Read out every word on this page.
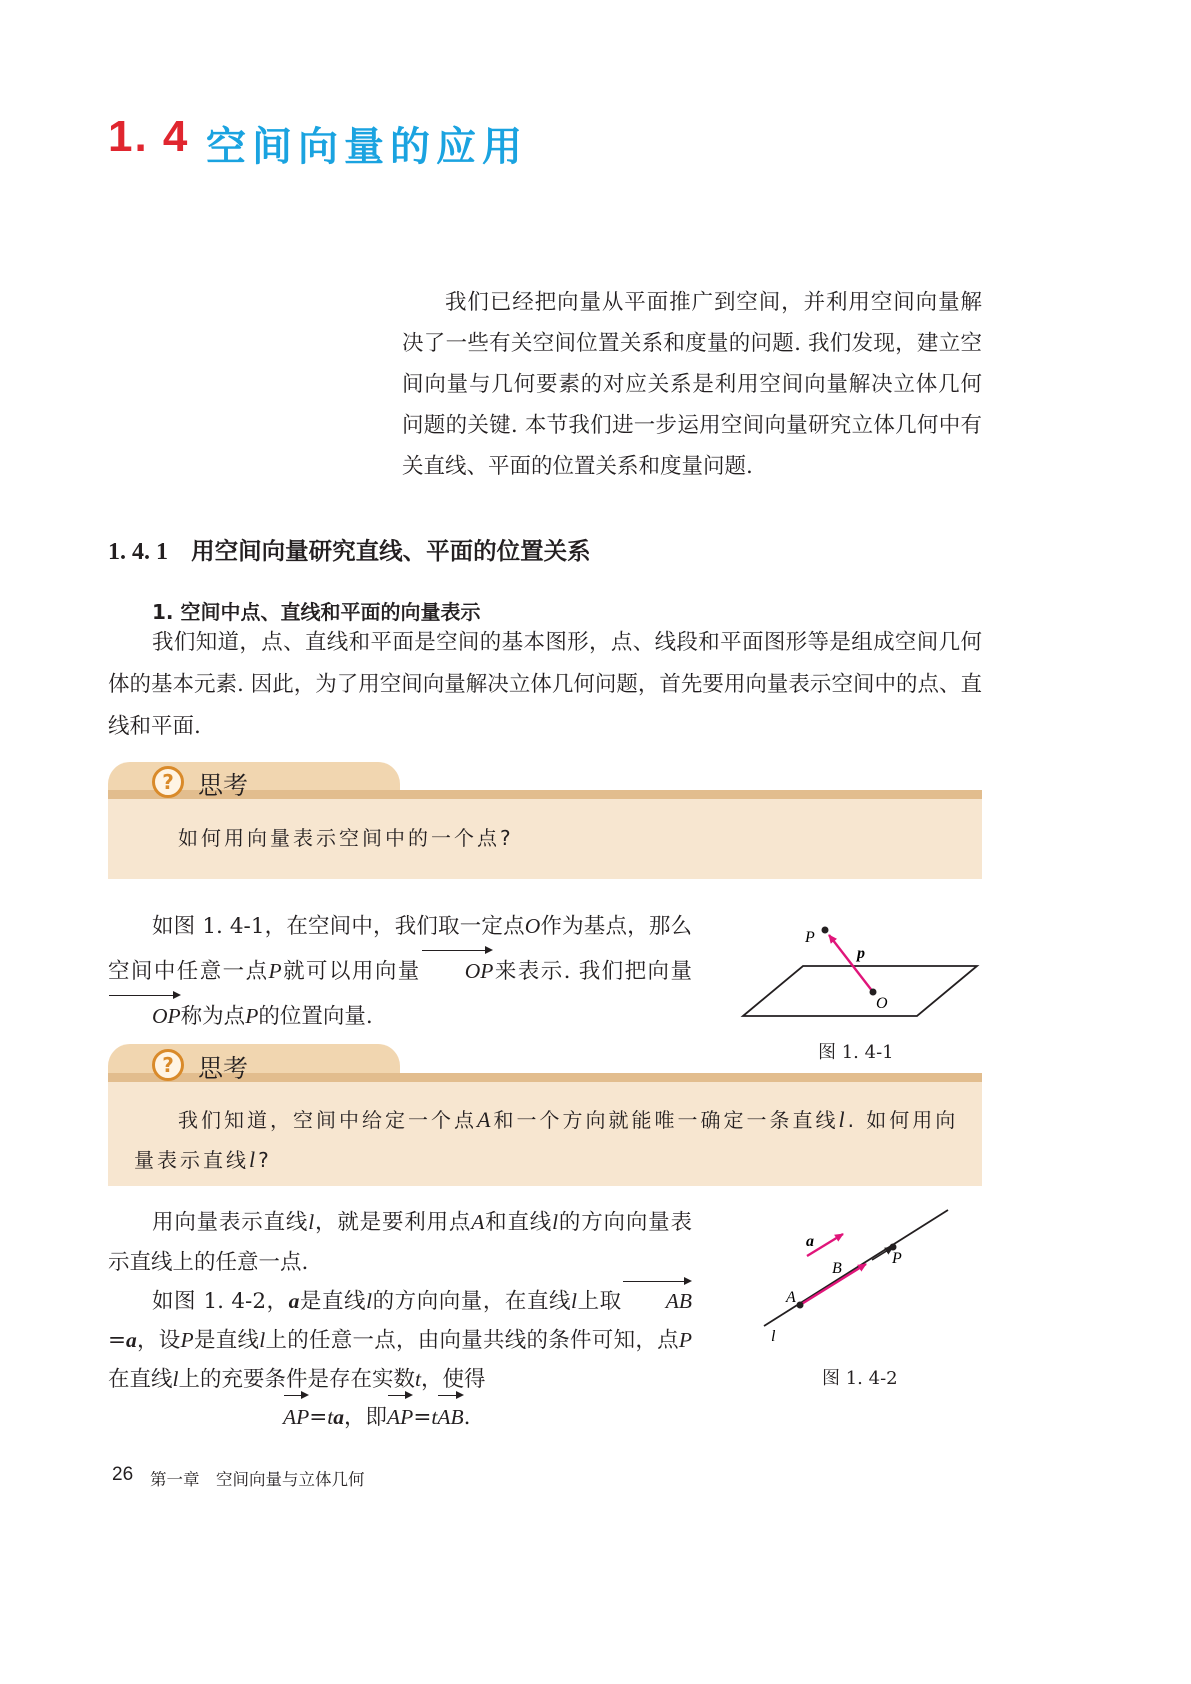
1. 4 空间向量的应用

我们已经把向量从平面推广到空间，并利用空间向量解决了一些有关空间位置关系和度量的问题. 我们发现，建立空间向量与几何要素的对应关系是利用空间向量解决立体几何问题的关键. 本节我们进一步运用空间向量研究立体几何中有关直线、平面的位置关系和度量问题.

1. 4. 1 用空间向量研究直线、平面的位置关系
1. 空间中点、直线和平面的向量表示

我们知道，点、直线和平面是空间的基本图形，点、线段和平面图形等是组成空间几何体的基本元素. 因此，为了用空间向量解决立体几何问题，首先要用向量表示空间中的点、直线和平面.

? 思考
如何用向量表示空间中的一个点?

如图 1. 4-1，在空间中，我们取一定点O作为基点，那么空间中任意一点P就可以用向量 OP来表示. 我们把向量OP称为点P的位置向量.

P
p
O
图 1. 4-1
? 思考
我们知道，空间中给定一个点A和一个方向就能唯一确定一条直线l. 如何用向
量表示直线l?

用向量表示直线l，就是要利用点A和直线l的方向向量表示直线上的任意一点.

如图 1. 4-2，a是直线l的方向向量，在直线l上取 AB=a，设P是直线l上的任意一点，由向量共线的条件可知，点P在直线l上的充要条件是存在实数t，使得

AP=ta，即AP=tAB.
a
B
P
A
l
图 1. 4-2
26 第一章　空间向量与立体几何
